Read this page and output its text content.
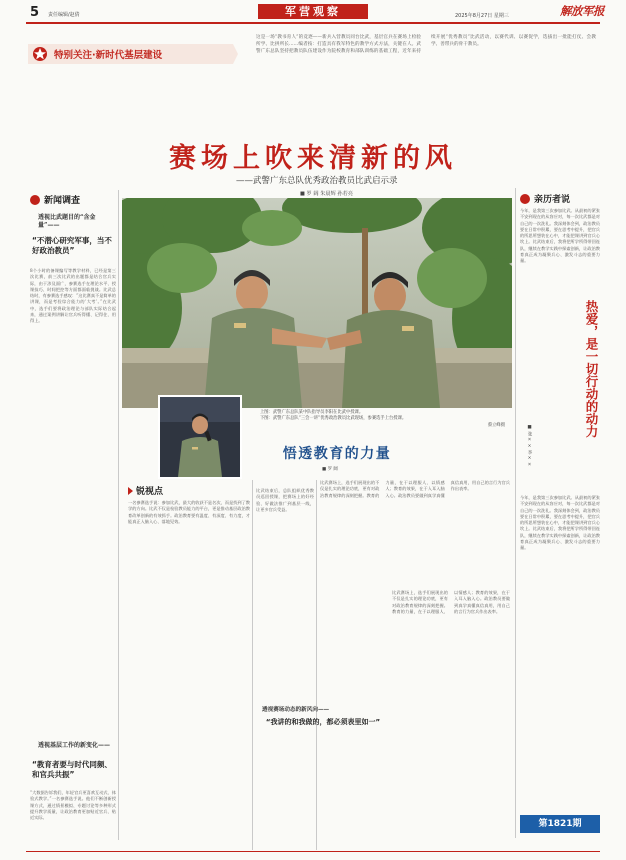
5 责任编辑/赵倩	军营观察	2025年8月27日 星期三	解放军报
特别关注·新时代基层建设
这是一场“教书育人”的竞逐——新兵入营教员同台比武，基层官兵在赛场上检验所学、比拼所长……编者按：打造具有我军特色的教学方式方法，关键在人。武警广东总队坚持把教员队伍建设作为院校教育和部队训练的基础工程，近年来持续开展“优秀教员”比武活动，以赛代训、以赛促学，选拔出一批能打仗、会教学、善带兵的骨干教员。
赛场上吹来清新的风
——武警广东总队优秀政治教员比武启示录
■ 罗 阔 朱晨辉 孙若亮
新闻调查
透视比武题目的“含金量”——
“不潜心研究军事，当不好政治教员”
8个小时的备课编写等教学材料，已经是第三次比赛，前三次比武的出题都是结合官兵实际，由于涉及面广，参赛选手在理论水平、授课技巧、时间把控等方面都面临挑战。比武总结时，有参赛选手感叹：“这比赛真不是简单的讲课，而是考验综合能力的‘大考’。”在比武中，选手们要将政治理论与部队实际结合起来，通过案例讲解让官兵听得懂、记得住、用得上。
透视基层工作的新变化——
“教育者要与时代同频、和官兵共振”
“大数据告诉我们，年轻官兵更喜欢互动式、体验式教学。”一名参赛选手说。他们不断创新授课方式，通过情景模拟、专题讨论等多种形式提升教学质量，让政治教育更加贴近官兵、贴近实际。
上图：武警广东总队某中队指导员李阳在比武中授课。
下图：武警广东总队“三会一讲”优秀政治教员比武现场，参赛选手上台授课。
蔡立峰摄
悟透教育的力量
■ 罗 阔
锐视点
一名参赛选手说：参加比武，最大的收获不是名次，而是找到了教学的方向。比武不仅是检验教员能力的平台，更是推动基层政治教育改革创新的有效抓手。政治教育要有温度、有深度、有力度，才能真正入脑入心、落地见效。
比武结束后，总队组织优秀教员巡回授课，把赛场上的好经验、好做法推广到基层一线，让更多官兵受益。
透视赛场动态的新风向——
“我讲的和我做的，都必须表里如一”
比武赛场上，选手们展现出的不仅是扎实的理论功底，更有对政治教育规律的深刻把握。教育的力量，在于以理服人、以情感人；教育的效果，在于入耳入脑入心。政治教员要做到真学真懂真信真用，用自己的言行为官兵作出表率。
比武赛场上，选手们展现出的不仅是扎实的理论功底，更有对政治教育规律的深刻把握。教育的力量，在于以理服人、以情感人；教育的效果，在于入耳入脑入心。政治教员要做到真学真懂真信真用，用自己的言行为官兵作出表率。
亲历者说
今年，是我第三次参加比武。从最初的紧张不安到现在的从容应对，每一次比武都是对自己的一次洗礼。我深刻体会到，政治教员要在日常中积累，要在思考中提升，把官兵的所思所想装在心中，才能把课讲到官兵心坎上。比武结束后，我将把所学所得带回连队，继续在教学实践中探索创新，让政治教育真正成为凝聚兵心、激发斗志的重要力量。
热爱，是一切行动的动力
■ 张 × × 李 × ×
今年，是我第三次参加比武。从最初的紧张不安到现在的从容应对，每一次比武都是对自己的一次洗礼。我深刻体会到，政治教员要在日常中积累，要在思考中提升，把官兵的所思所想装在心中，才能把课讲到官兵心坎上。比武结束后，我将把所学所得带回连队，继续在教学实践中探索创新，让政治教育真正成为凝聚兵心、激发斗志的重要力量。
第1821期
